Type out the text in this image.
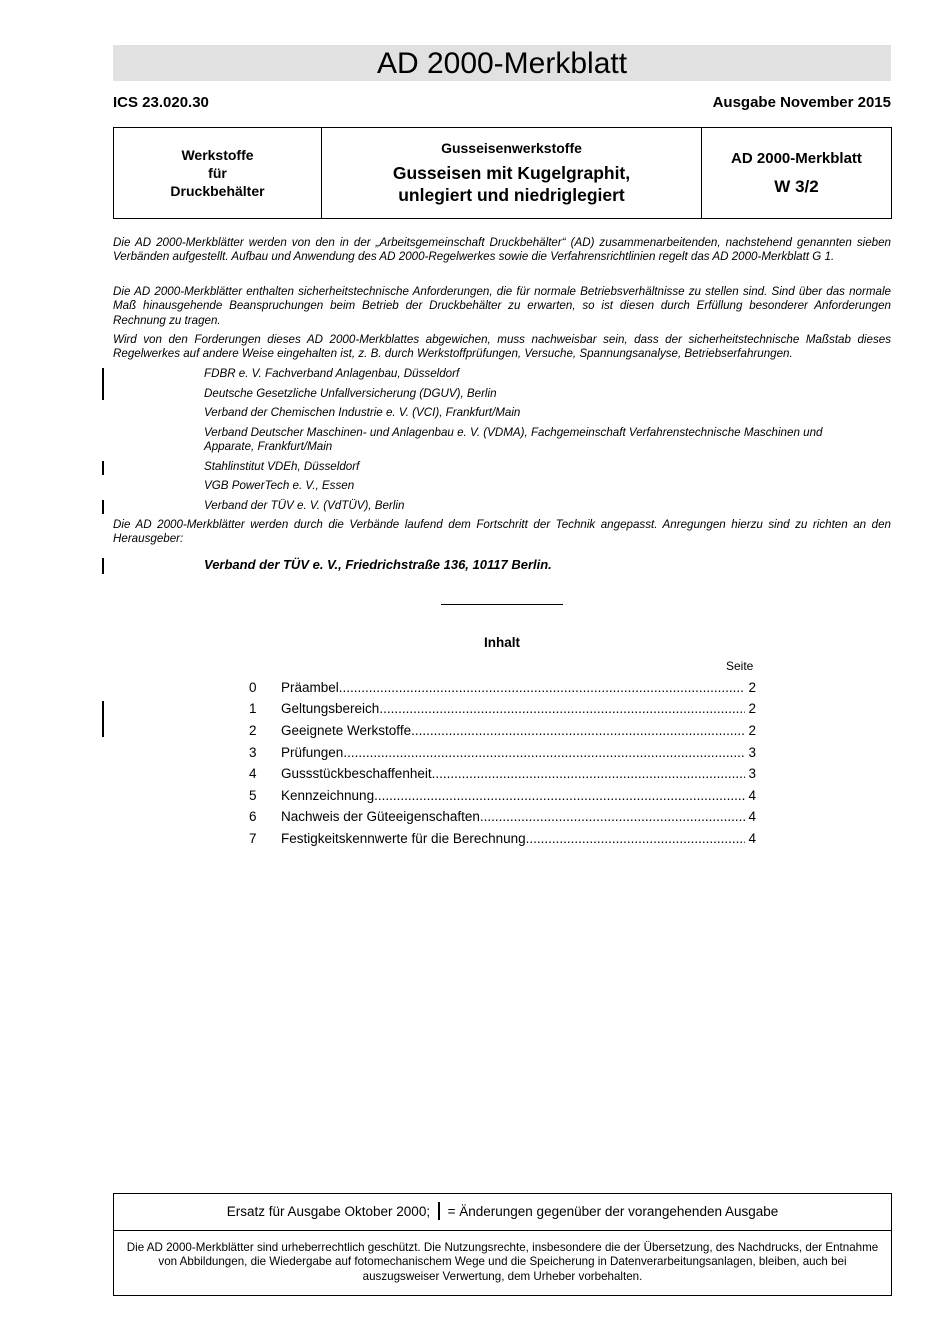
AD 2000-Merkblatt
ICS 23.020.30	Ausgabe November 2015
Werkstoffe
für
Druckbehälter
Gusseisenwerkstoffe
Gusseisen mit Kugelgraphit,
unlegiert und niedriglegiert
AD 2000-Merkblatt
W 3/2

Die AD 2000-Merkblätter werden von den in der „Arbeitsgemeinschaft Druckbehälter“ (AD) zusammenarbeitenden, nachstehend genannten sieben Verbänden aufgestellt. Aufbau und Anwendung des AD 2000-Regelwerkes sowie die Verfahrensrichtlinien regelt das AD 2000-Merkblatt G 1.

Die AD 2000-Merkblätter enthalten sicherheitstechnische Anforderungen, die für normale Betriebsverhältnisse zu stellen sind. Sind über das normale Maß hinausgehende Beanspruchungen beim Betrieb der Druckbehälter zu erwarten, so ist diesen durch Erfüllung besonderer Anforderungen Rechnung zu tragen.

Wird von den Forderungen dieses AD 2000-Merkblattes abgewichen, muss nachweisbar sein, dass der sicherheitstechnische Maßstab dieses Regelwerkes auf andere Weise eingehalten ist, z. B. durch Werkstoffprüfungen, Versuche, Spannungsanalyse, Betriebserfahrungen.

FDBR e. V. Fachverband Anlagenbau, Düsseldorf

Deutsche Gesetzliche Unfallversicherung (DGUV), Berlin

Verband der Chemischen Industrie e. V. (VCI), Frankfurt/Main

Verband Deutscher Maschinen- und Anlagenbau e. V. (VDMA), Fachgemeinschaft Verfahrenstechnische Maschinen und Apparate, Frankfurt/Main

Stahlinstitut VDEh, Düsseldorf

VGB PowerTech e. V., Essen

Verband der TÜV e. V. (VdTÜV), Berlin

Die AD 2000-Merkblätter werden durch die Verbände laufend dem Fortschritt der Technik angepasst. Anregungen hierzu sind zu richten an den Herausgeber:

Verband der TÜV e. V., Friedrichstraße 136, 10117 Berlin.
Inhalt
Seite
0	Präambel .....	2
1	Geltungsbereich .....	2
2	Geeignete Werkstoffe .....	2
3	Prüfungen .....	3
4	Gussstückbeschaffenheit .....	3
5	Kennzeichnung .....	4
6	Nachweis der Güteeigenschaften .....	4
7	Festigkeitskennwerte für die Berechnung .....	4
Ersatz für Ausgabe Oktober 2000; = Änderungen gegenüber der vorangehenden Ausgabe
Die AD 2000-Merkblätter sind urheberrechtlich geschützt. Die Nutzungsrechte, insbesondere die der Übersetzung, des Nachdrucks, der Entnahme von Abbildungen, die Wiedergabe auf fotomechanischem Wege und die Speicherung in Datenverarbeitungsanlagen, bleiben, auch bei auszugsweiser Verwertung, dem Urheber vorbehalten.
